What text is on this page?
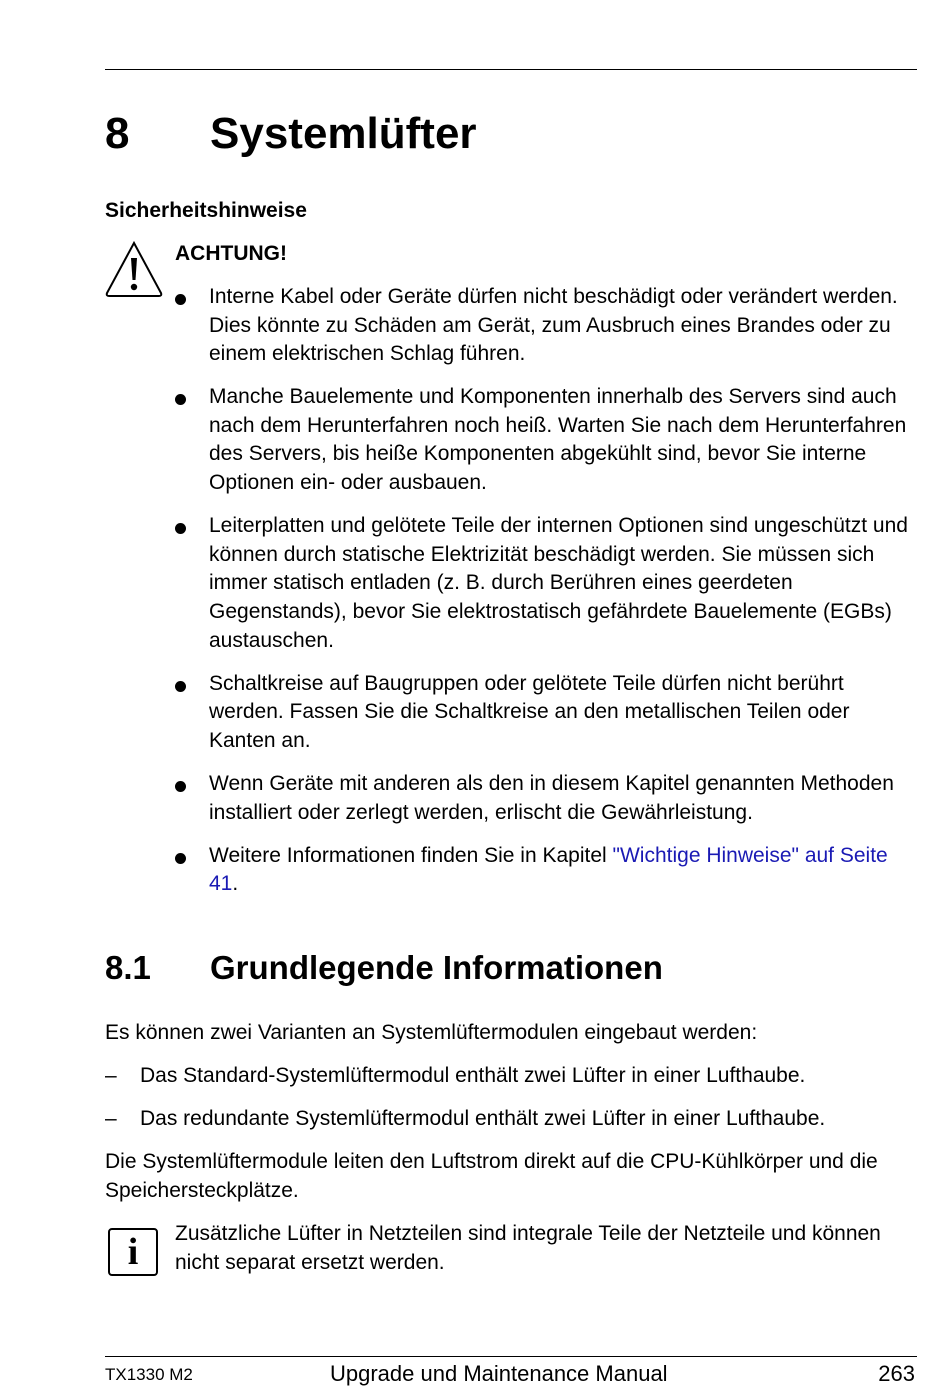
8 Systemlüfter
Sicherheitshinweise
ACHTUNG!
Interne Kabel oder Geräte dürfen nicht beschädigt oder verändert werden. Dies könnte zu Schäden am Gerät, zum Ausbruch eines Brandes oder zu einem elektrischen Schlag führen.
Manche Bauelemente und Komponenten innerhalb des Servers sind auch nach dem Herunterfahren noch heiß. Warten Sie nach dem Herunterfahren des Servers, bis heiße Komponenten abgekühlt sind, bevor Sie interne Optionen ein- oder ausbauen.
Leiterplatten und gelötete Teile der internen Optionen sind ungeschützt und können durch statische Elektrizität beschädigt werden. Sie müssen sich immer statisch entladen (z. B. durch Berühren eines geerdeten Gegenstands), bevor Sie elektrostatisch gefährdete Bauelemente (EGBs) austauschen.
Schaltkreise auf Baugruppen oder gelötete Teile dürfen nicht berührt werden. Fassen Sie die Schaltkreise an den metallischen Teilen oder Kanten an.
Wenn Geräte mit anderen als den in diesem Kapitel genannten Methoden installiert oder zerlegt werden, erlischt die Gewährleistung.
Weitere Informationen finden Sie in Kapitel "Wichtige Hinweise" auf Seite 41.
8.1 Grundlegende Informationen

Es können zwei Varianten an Systemlüftermodulen eingebaut werden:

– Das Standard-Systemlüftermodul enthält zwei Lüfter in einer Lufthaube.

– Das redundante Systemlüftermodul enthält zwei Lüfter in einer Lufthaube.

Die Systemlüftermodule leiten den Luftstrom direkt auf die CPU-Kühlkörper und die Speichersteckplätze.

i	Zusätzliche Lüfter in Netzteilen sind integrale Teile der Netzteile und können nicht separat ersetzt werden.

TX1330 M2	Upgrade und Maintenance Manual	263
